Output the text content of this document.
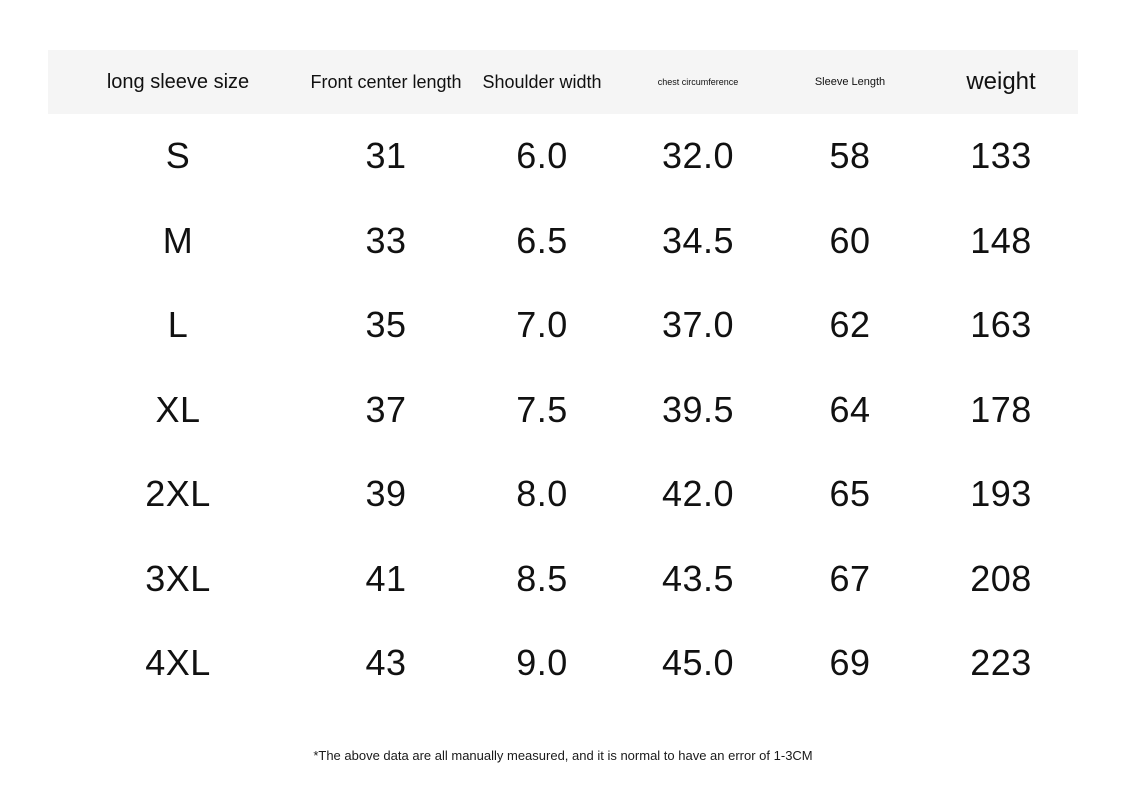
long sleeve size	Front center length	Shoulder width	chest circumference	Sleeve Length	weight
S	31	6.0	32.0	58	133
M	33	6.5	34.5	60	148
L	35	7.0	37.0	62	163
XL	37	7.5	39.5	64	178
2XL	39	8.0	42.0	65	193
3XL	41	8.5	43.5	67	208
4XL	43	9.0	45.0	69	223
*The above data are all manually measured, and it is normal to have an error of 1-3CM
